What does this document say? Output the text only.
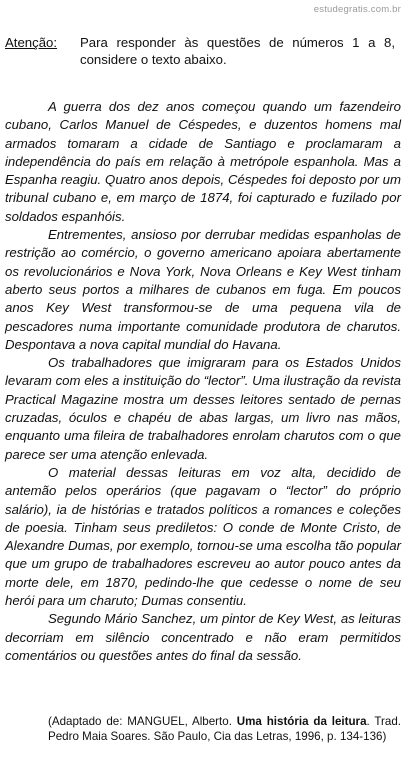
estudegratis.com.br
Atenção: Para responder às questões de números 1 a 8, considere o texto abaixo.

A guerra dos dez anos começou quando um fazendeiro cubano, Carlos Manuel de Céspedes, e duzentos homens mal armados tomaram a cidade de Santiago e proclamaram a independência do país em relação à metrópole espanhola. Mas a Espanha reagiu. Quatro anos depois, Céspedes foi deposto por um tribunal cubano e, em março de 1874, foi capturado e fuzilado por soldados espanhóis.

Entrementes, ansioso por derrubar medidas espanholas de restrição ao comércio, o governo americano apoiara abertamente os revolucionários e Nova York, Nova Orleans e Key West tinham aberto seus portos a milhares de cubanos em fuga. Em poucos anos Key West transformou-se de uma pequena vila de pescadores numa importante comunidade produtora de charutos. Despontava a nova capital mundial do Havana.

Os trabalhadores que imigraram para os Estados Unidos levaram com eles a instituição do “lector”. Uma ilustração da revista Practical Magazine mostra um desses leitores sentado de pernas cruzadas, óculos e chapéu de abas largas, um livro nas mãos, enquanto uma fileira de trabalhadores enrolam charutos com o que parece ser uma atenção enlevada.

O material dessas leituras em voz alta, decidido de antemão pelos operários (que pagavam o “lector” do próprio salário), ia de histórias e tratados políticos a romances e coleções de poesia. Tinham seus prediletos: O conde de Monte Cristo, de Alexandre Dumas, por exemplo, tornou-se uma escolha tão popular que um grupo de trabalhadores escreveu ao autor pouco antes da morte dele, em 1870, pedindo-lhe que cedesse o nome de seu herói para um charuto; Dumas consentiu.

Segundo Mário Sanchez, um pintor de Key West, as leituras decorriam em silêncio concentrado e não eram permitidos comentários ou questões antes do final da sessão.

(Adaptado de: MANGUEL, Alberto. Uma história da leitura. Trad. Pedro Maia Soares. São Paulo, Cia das Letras, 1996, p. 134-136)
